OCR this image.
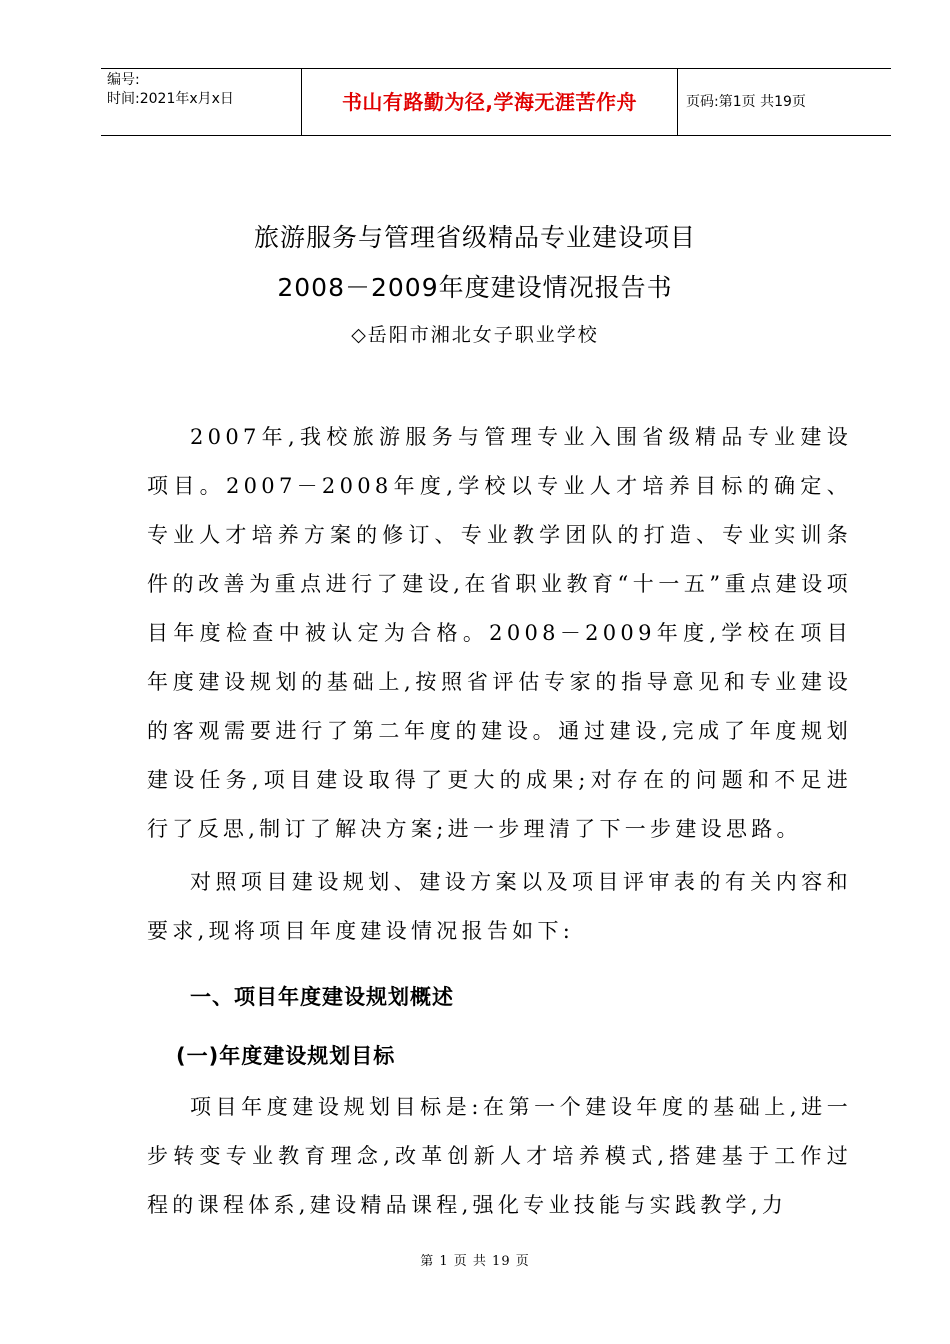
编号:
时间:2021年x月x日	书山有路勤为径,学海无涯苦作舟	页码:第1页 共19页
旅游服务与管理省级精品专业建设项目
2008－2009年度建设情况报告书
◇岳阳市湘北女子职业学校
2007年,我校旅游服务与管理专业入围省级精品专业建设项目。2007－2008年度,学校以专业人才培养目标的确定、专业人才培养方案的修订、专业教学团队的打造、专业实训条件的改善为重点进行了建设,在省职业教育“十一五”重点建设项目年度检查中被认定为合格。2008－2009年度,学校在项目年度建设规划的基础上,按照省评估专家的指导意见和专业建设的客观需要进行了第二年度的建设。通过建设,完成了年度规划建设任务,项目建设取得了更大的成果;对存在的问题和不足进行了反思,制订了解决方案;进一步理清了下一步建设思路。
对照项目建设规划、建设方案以及项目评审表的有关内容和要求,现将项目年度建设情况报告如下:
一、项目年度建设规划概述
(一)年度建设规划目标
项目年度建设规划目标是:在第一个建设年度的基础上,进一步转变专业教育理念,改革创新人才培养模式,搭建基于工作过程的课程体系,建设精品课程,强化专业技能与实践教学,力
第 1 页 共 19 页
